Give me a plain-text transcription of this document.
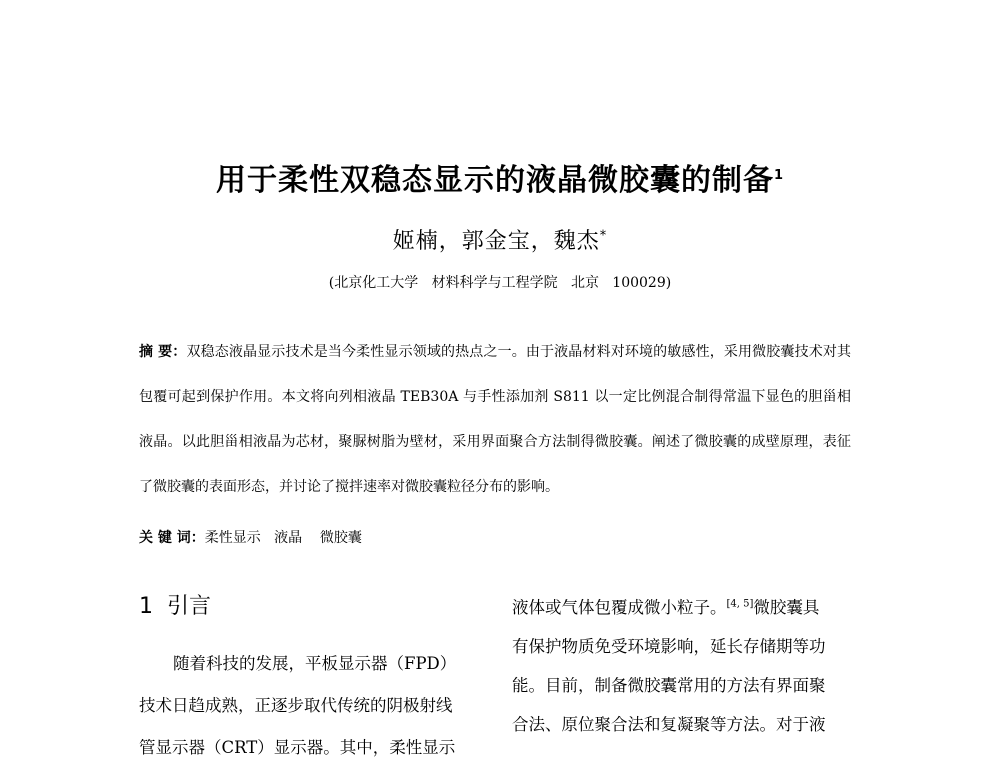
用于柔性双稳态显示的液晶微胶囊的制备$^1$
姬楠，郭金宝，魏杰*
(北京化工大学   材料科学与工程学院   北京   100029)
摘 要：双稳态液晶显示技术是当今柔性显示领域的热点之一。由于液晶材料对环境的敏感性，采用微胶囊技术对其包覆可起到保护作用。本文将向列相液晶 TEB30A 与手性添加剂 S811 以一定比例混合制得常温下显色的胆甾相液晶。以此胆甾相液晶为芯材，聚脲树脂为壁材，采用界面聚合方法制得微胶囊。阐述了微胶囊的成壁原理，表征了微胶囊的表面形态，并讨论了搅拌速率对微胶囊粒径分布的影响。
关 键 词：柔性显示   液晶    微胶囊
1  引言
随着科技的发展，平板显示器（FPD）
技术日趋成熟，正逐步取代传统的阴极射线
管显示器（CRT）显示器。其中，柔性显示
液体或气体包覆成微小粒子。[4, 5]微胶囊具
有保护物质免受环境影响，延长存储期等功
能。目前，制备微胶囊常用的方法有界面聚
合法、原位聚合法和复凝聚等方法。对于液
